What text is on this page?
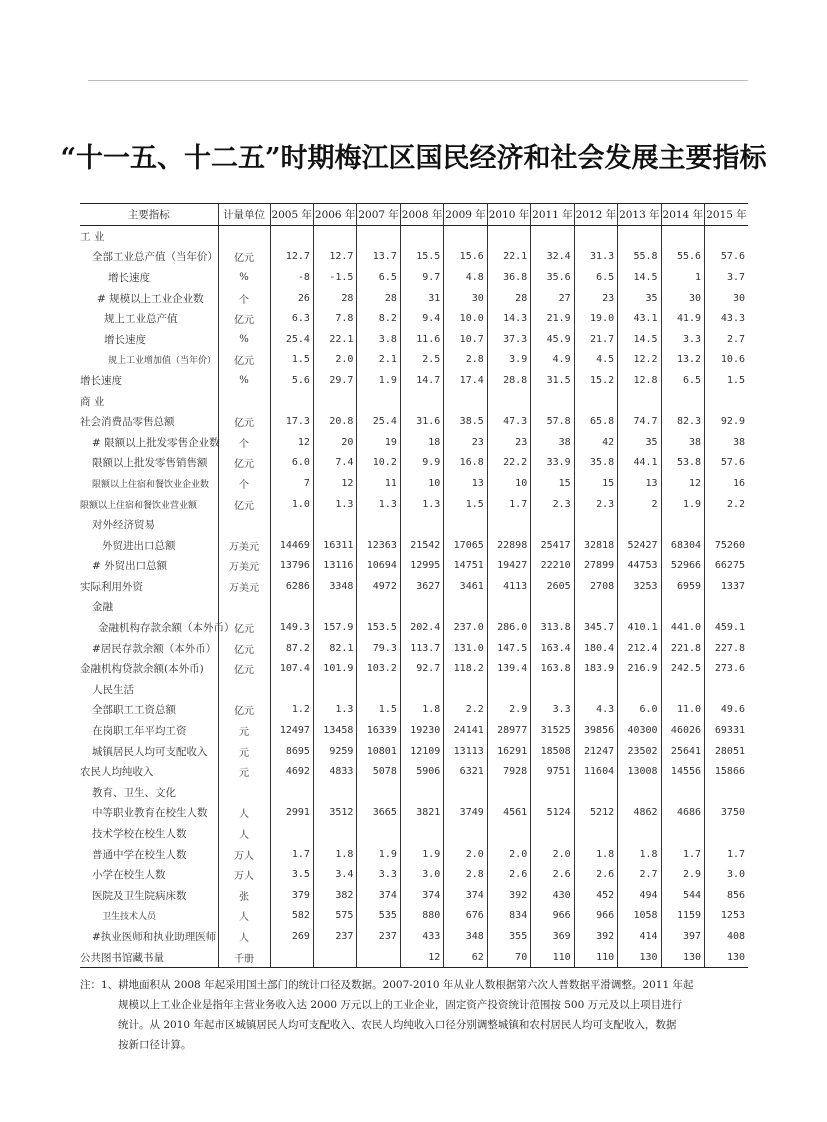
“十一五、十二五”时期梅江区国民经济和社会发展主要指标
主要指标	计量单位	2005 年	2006 年	2007 年	2008 年	2009 年	2010 年	2011 年	2012 年	2013 年	2014 年	2015 年
工 业												
全部工业总产值（当年价）	亿元	12.7	12.7	13.7	15.5	15.6	22.1	32.4	31.3	55.8	55.6	57.6
增长速度	%	-8	-1.5	6.5	9.7	4.8	36.8	35.6	6.5	14.5	1	3.7
# 规模以上工业企业数	个	26	28	28	31	30	28	27	23	35	30	30
规上工业总产值	亿元	6.3	7.8	8.2	9.4	10.0	14.3	21.9	19.0	43.1	41.9	43.3
增长速度	%	25.4	22.1	3.8	11.6	10.7	37.3	45.9	21.7	14.5	3.3	2.7
规上工业增加值（当年价）	亿元	1.5	2.0	2.1	2.5	2.8	3.9	4.9	4.5	12.2	13.2	10.6
增长速度	%	5.6	29.7	1.9	14.7	17.4	28.8	31.5	15.2	12.8	6.5	1.5
商 业												
社会消费品零售总额	亿元	17.3	20.8	25.4	31.6	38.5	47.3	57.8	65.8	74.7	82.3	92.9
# 限额以上批发零售企业数	个	12	20	19	18	23	23	38	42	35	38	38
限额以上批发零售销售额	亿元	6.0	7.4	10.2	9.9	16.8	22.2	33.9	35.8	44.1	53.8	57.6
限额以上住宿和餐饮业企业数	个	7	12	11	10	13	10	15	15	13	12	16
限额以上住宿和餐饮业营业额	亿元	1.0	1.3	1.3	1.3	1.5	1.7	2.3	2.3	2	1.9	2.2
对外经济贸易												
外贸进出口总额	万美元	14469	16311	12363	21542	17065	22898	25417	32818	52427	68304	75260
# 外贸出口总额	万美元	13796	13116	10694	12995	14751	19427	22210	27899	44753	52966	66275
实际利用外资	万美元	6286	3348	4972	3627	3461	4113	2605	2708	3253	6959	1337
金融												
金融机构存款余额（本外币）	亿元	149.3	157.9	153.5	202.4	237.0	286.0	313.8	345.7	410.1	441.0	459.1
#居民存款余额（本外币）	亿元	87.2	82.1	79.3	113.7	131.0	147.5	163.4	180.4	212.4	221.8	227.8
金融机构贷款余额(本外币)	亿元	107.4	101.9	103.2	92.7	118.2	139.4	163.8	183.9	216.9	242.5	273.6
人民生活												
全部职工工资总额	亿元	1.2	1.3	1.5	1.8	2.2	2.9	3.3	4.3	6.0	11.0	49.6
在岗职工年平均工资	元	12497	13458	16339	19230	24141	28977	31525	39856	40300	46026	69331
城镇居民人均可支配收入	元	8695	9259	10801	12109	13113	16291	18508	21247	23502	25641	28051
农民人均纯收入	元	4692	4833	5078	5906	6321	7928	9751	11604	13008	14556	15866
教育、卫生、文化												
中等职业教育在校生人数	人	2991	3512	3665	3821	3749	4561	5124	5212	4862	4686	3750
技术学校在校生人数	人											
普通中学在校生人数	万人	1.7	1.8	1.9	1.9	2.0	2.0	2.0	1.8	1.8	1.7	1.7
小学在校生人数	万人	3.5	3.4	3.3	3.0	2.8	2.6	2.6	2.6	2.7	2.9	3.0
医院及卫生院病床数	张	379	382	374	374	374	392	430	452	494	544	856
卫生技术人员	人	582	575	535	880	676	834	966	966	1058	1159	1253
#执业医师和执业助理医师	人	269	237	237	433	348	355	369	392	414	397	408
公共图书馆藏书量	千册				12	62	70	110	110	130	130	130
注：1、耕地面积从 2008 年起采用国土部门的统计口径及数据。2007-2010 年从业人数根据第六次人普数据平滑调整。2011 年起
规模以上工业企业是指年主营业务收入达 2000 万元以上的工业企业，固定资产投资统计范围按 500 万元及以上项目进行
统计。从 2010 年起市区城镇居民人均可支配收入、农民人均纯收入口径分别调整城镇和农村居民人均可支配收入，数据
按新口径计算。
